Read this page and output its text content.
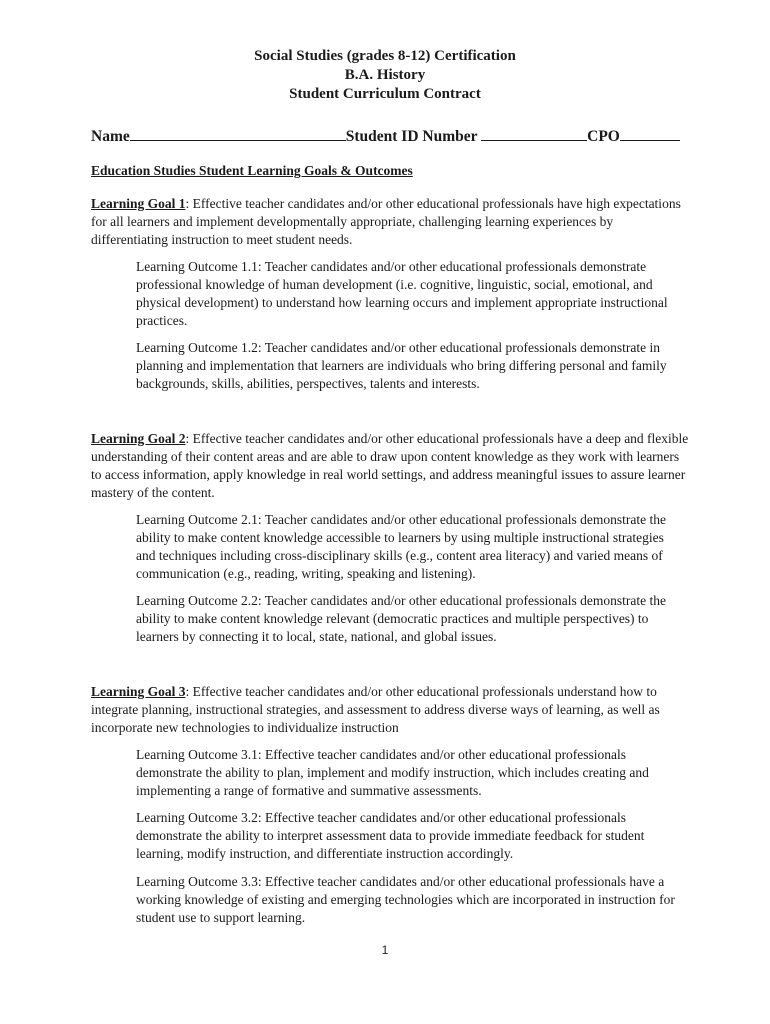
Social Studies (grades 8-12) Certification
B.A. History
Student Curriculum Contract
Name	Student ID Number	CPO
Education Studies Student Learning Goals & Outcomes
Learning Goal 1: Effective teacher candidates and/or other educational professionals have high expectations for all learners and implement developmentally appropriate, challenging learning experiences by differentiating instruction to meet student needs.
Learning Outcome 1.1: Teacher candidates and/or other educational professionals demonstrate professional knowledge of human development (i.e. cognitive, linguistic, social, emotional, and physical development) to understand how learning occurs and implement appropriate instructional practices.
Learning Outcome 1.2: Teacher candidates and/or other educational professionals demonstrate in planning and implementation that learners are individuals who bring differing personal and family backgrounds, skills, abilities, perspectives, talents and interests.
Learning Goal 2: Effective teacher candidates and/or other educational professionals have a deep and flexible understanding of their content areas and are able to draw upon content knowledge as they work with learners to access information, apply knowledge in real world settings, and address meaningful issues to assure learner mastery of the content.
Learning Outcome 2.1: Teacher candidates and/or other educational professionals demonstrate the ability to make content knowledge accessible to learners by using multiple instructional strategies and techniques including cross-disciplinary skills (e.g., content area literacy) and varied means of communication (e.g., reading, writing, speaking and listening).
Learning Outcome 2.2: Teacher candidates and/or other educational professionals demonstrate the ability to make content knowledge relevant (democratic practices and multiple perspectives) to learners by connecting it to local, state, national, and global issues.
Learning Goal 3: Effective teacher candidates and/or other educational professionals understand how to integrate planning, instructional strategies, and assessment to address diverse ways of learning, as well as incorporate new technologies to individualize instruction
Learning Outcome 3.1: Effective teacher candidates and/or other educational professionals demonstrate the ability to plan, implement and modify instruction, which includes creating and implementing a range of formative and summative assessments.
Learning Outcome 3.2: Effective teacher candidates and/or other educational professionals demonstrate the ability to interpret assessment data to provide immediate feedback for student learning, modify instruction, and differentiate instruction accordingly.
Learning Outcome 3.3: Effective teacher candidates and/or other educational professionals have a working knowledge of existing and emerging technologies which are incorporated in instruction for student use to support learning.
1
